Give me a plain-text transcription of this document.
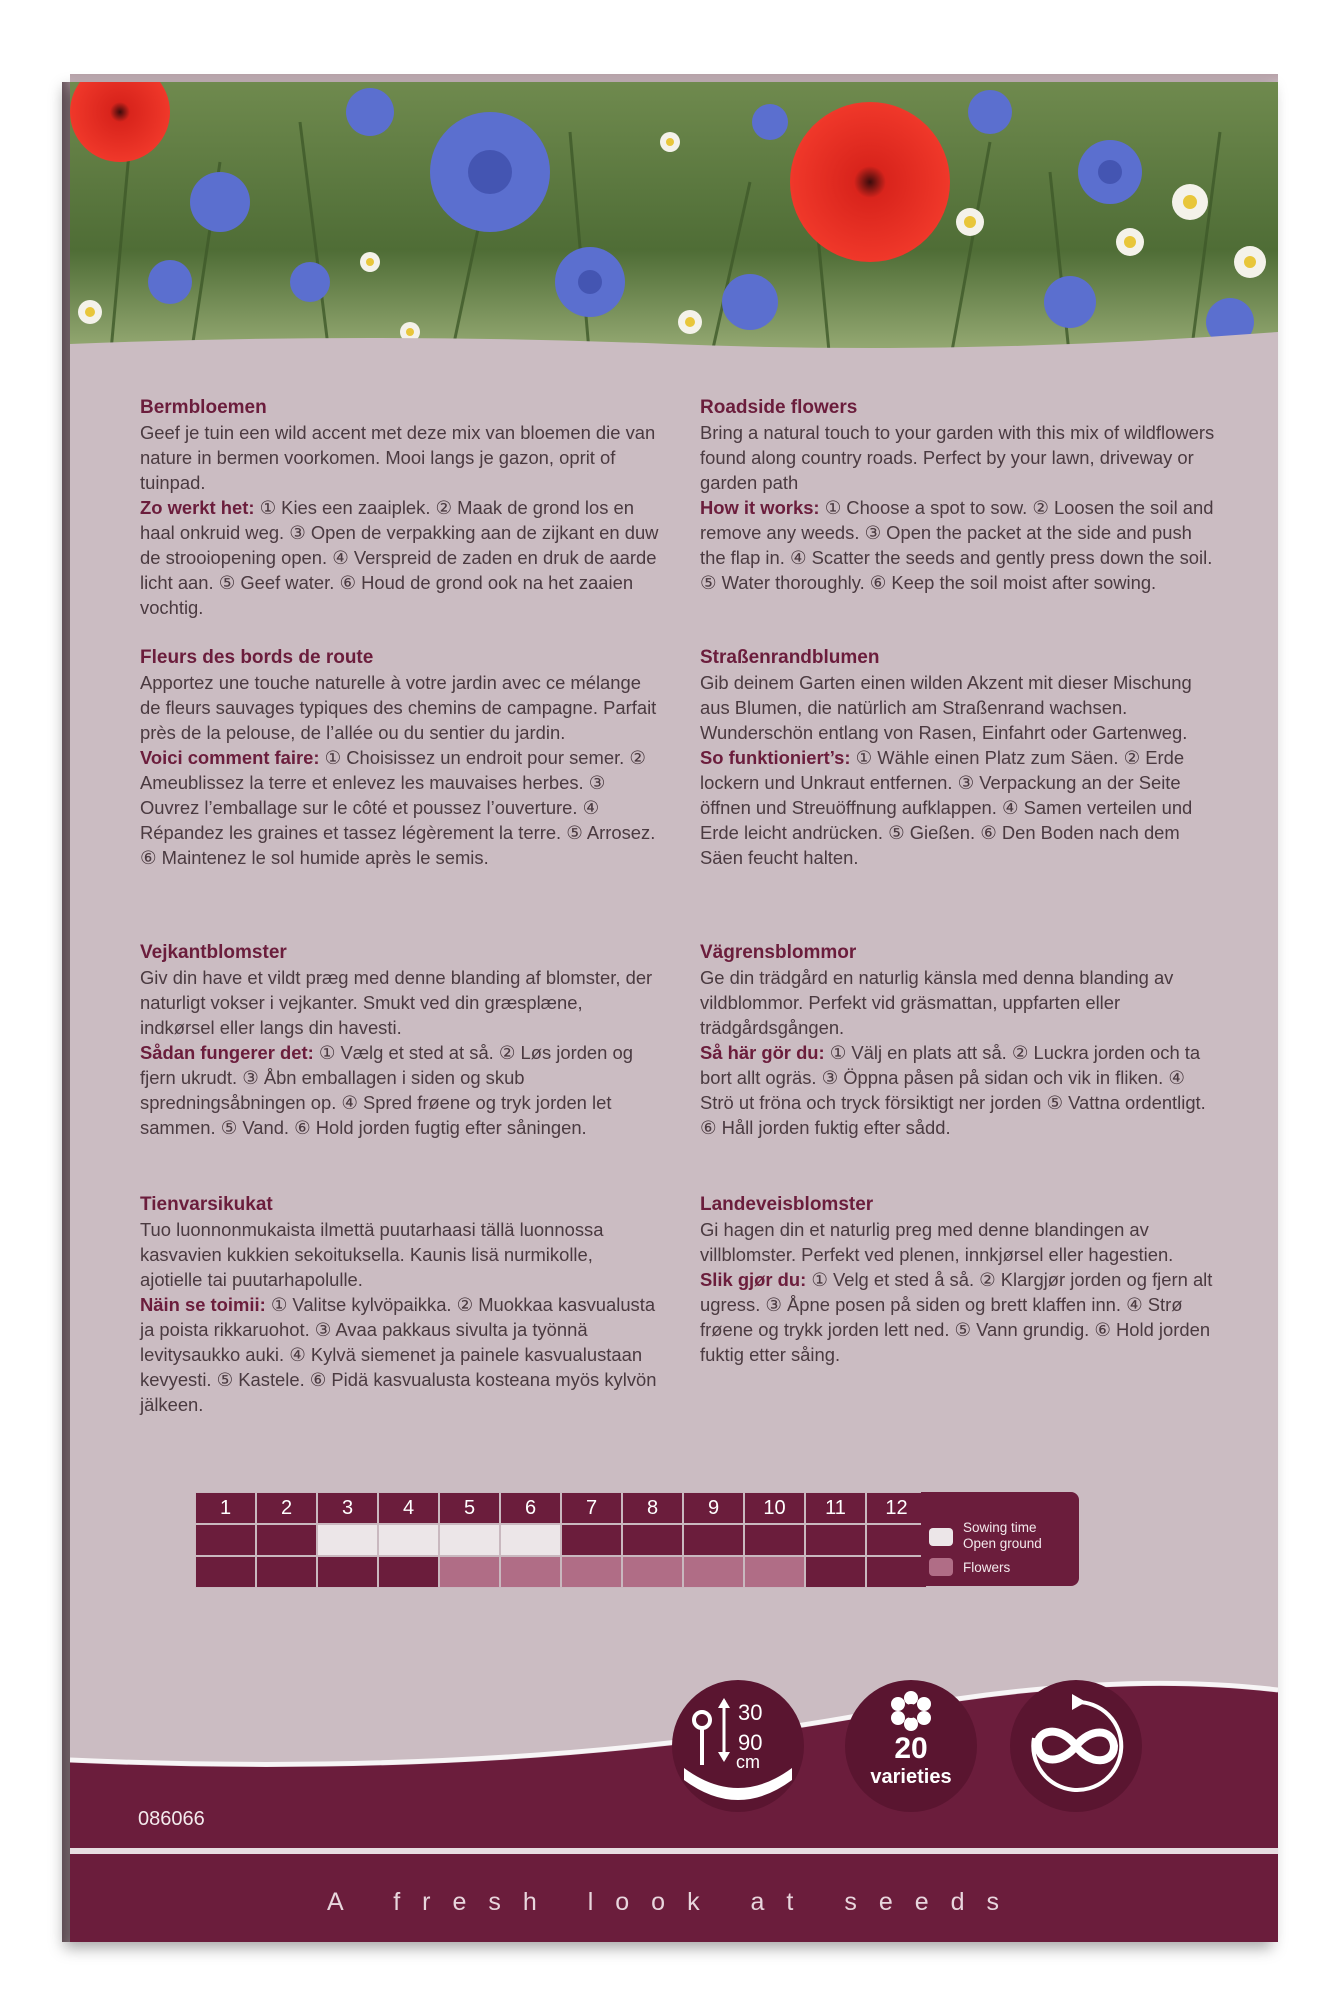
Bermbloemen

Geef je tuin een wild accent met deze mix van bloemen die van nature in bermen voorkomen. Mooi langs je gazon, oprit of tuinpad.

Zo werkt het: ① Kies een zaaiplek. ② Maak de grond los en haal onkruid weg. ③ Open de verpakking aan de zijkant en duw de strooiopening open. ④ Verspreid de zaden en druk de aarde licht aan. ⑤ Geef water. ⑥ Houd de grond ook na het zaaien vochtig.

Fleurs des bords de route

Apportez une touche naturelle à votre jardin avec ce mélange de fleurs sauvages typiques des chemins de campagne. Parfait près de la pelouse, de l’allée ou du sentier du jardin.

Voici comment faire: ① Choisissez un endroit pour semer. ② Ameublissez la terre et enlevez les mauvaises herbes. ③ Ouvrez l’emballage sur le côté et poussez l’ouverture. ④ Répandez les graines et tassez légèrement la terre. ⑤ Arrosez. ⑥ Maintenez le sol humide après le semis.

Vejkantblomster

Giv din have et vildt præg med denne blanding af blomster, der naturligt vokser i vejkanter. Smukt ved din græsplæne, indkørsel eller langs din havesti.

Sådan fungerer det: ① Vælg et sted at så. ② Løs jorden og fjern ukrudt. ③ Åbn emballagen i siden og skub spredningsåbningen op. ④ Spred frøene og tryk jorden let sammen. ⑤ Vand. ⑥ Hold jorden fugtig efter såningen.

Tienvarsikukat

Tuo luonnonmukaista ilmettä puutarhaasi tällä luonnossa kasvavien kukkien sekoituksella. Kaunis lisä nurmikolle, ajotielle tai puutarhapolulle.

Näin se toimii: ① Valitse kylvöpaikka. ② Muokkaa kasvualusta ja poista rikkaruohot. ③ Avaa pakkaus sivulta ja työnnä levitysaukko auki. ④ Kylvä siemenet ja painele kasvualustaan kevyesti. ⑤ Kastele. ⑥ Pidä kasvualusta kosteana myös kylvön jälkeen.

Roadside flowers

Bring a natural touch to your garden with this mix of wildflowers found along country roads. Perfect by your lawn, driveway or garden path

How it works: ① Choose a spot to sow. ② Loosen the soil and remove any weeds. ③ Open the packet at the side and push the flap in. ④ Scatter the seeds and gently press down the soil. ⑤ Water thoroughly. ⑥ Keep the soil moist after sowing.

Straßenrandblumen

Gib deinem Garten einen wilden Akzent mit dieser Mischung aus Blumen, die natürlich am Straßenrand wachsen. Wunderschön entlang von Rasen, Einfahrt oder Gartenweg.

So funktioniert’s: ① Wähle einen Platz zum Säen. ② Erde lockern und Unkraut entfernen. ③ Verpackung an der Seite öffnen und Streuöffnung aufklappen. ④ Samen verteilen und Erde leicht andrücken. ⑤ Gießen. ⑥ Den Boden nach dem Säen feucht halten.

Vägrensblommor

Ge din trädgård en naturlig känsla med denna blanding av vildblommor. Perfekt vid gräsmattan, uppfarten eller trädgårdsgången.

Så här gör du: ① Välj en plats att så. ② Luckra jorden och ta bort allt ogräs. ③ Öppna påsen på sidan och vik in fliken. ④ Strö ut fröna och tryck försiktigt ner jorden ⑤ Vattna ordentligt. ⑥ Håll jorden fuktig efter sådd.

Landeveisblomster

Gi hagen din et naturlig preg med denne blandingen av villblomster. Perfekt ved plenen, innkjørsel eller hagestien.

Slik gjør du: ① Velg et sted å så. ② Klargjør jorden og fjern alt ugress. ③ Åpne posen på siden og brett klaffen inn. ④ Strø frøene og trykk jorden lett ned. ⑤ Vann grundig. ⑥ Hold jorden fuktig etter såing.

1	2	3	4	5	6	7	8	9	10	11	12

Sowing time
Open ground
Flowers
30
90
cm	20
varieties
086066
A fresh look at seeds
